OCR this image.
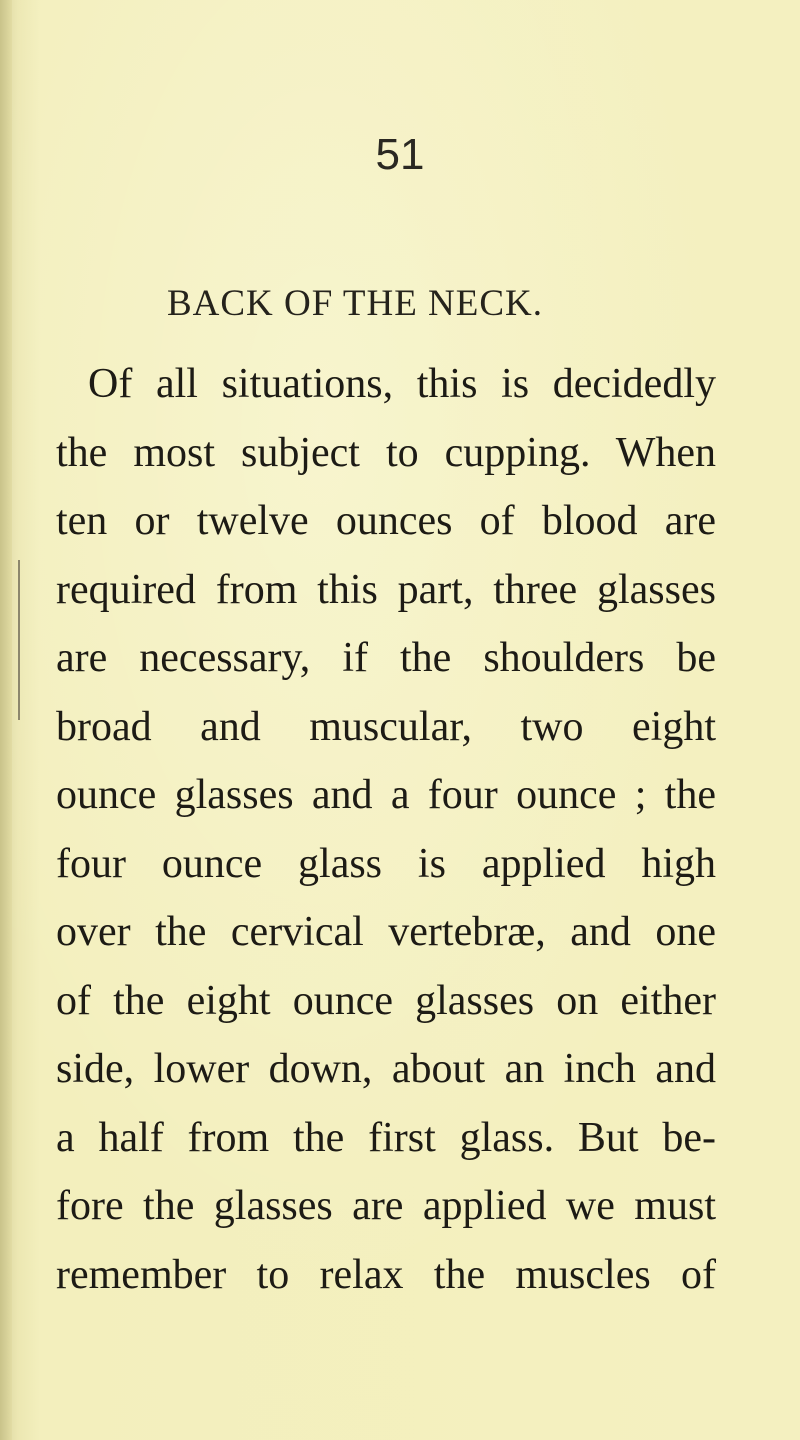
51

BACK OF THE NECK.
Of all situations, this is decidedly
the most subject to cupping. When
ten or twelve ounces of blood are
required from this part, three glasses
are necessary, if the shoulders be
broad and muscular, two eight
ounce glasses and a four ounce ; the
four ounce glass is applied high
over the cervical vertebræ, and one
of the eight ounce glasses on either
side, lower down, about an inch and
a half from the first glass. But be-
fore the glasses are applied we must
remember to relax the muscles of
